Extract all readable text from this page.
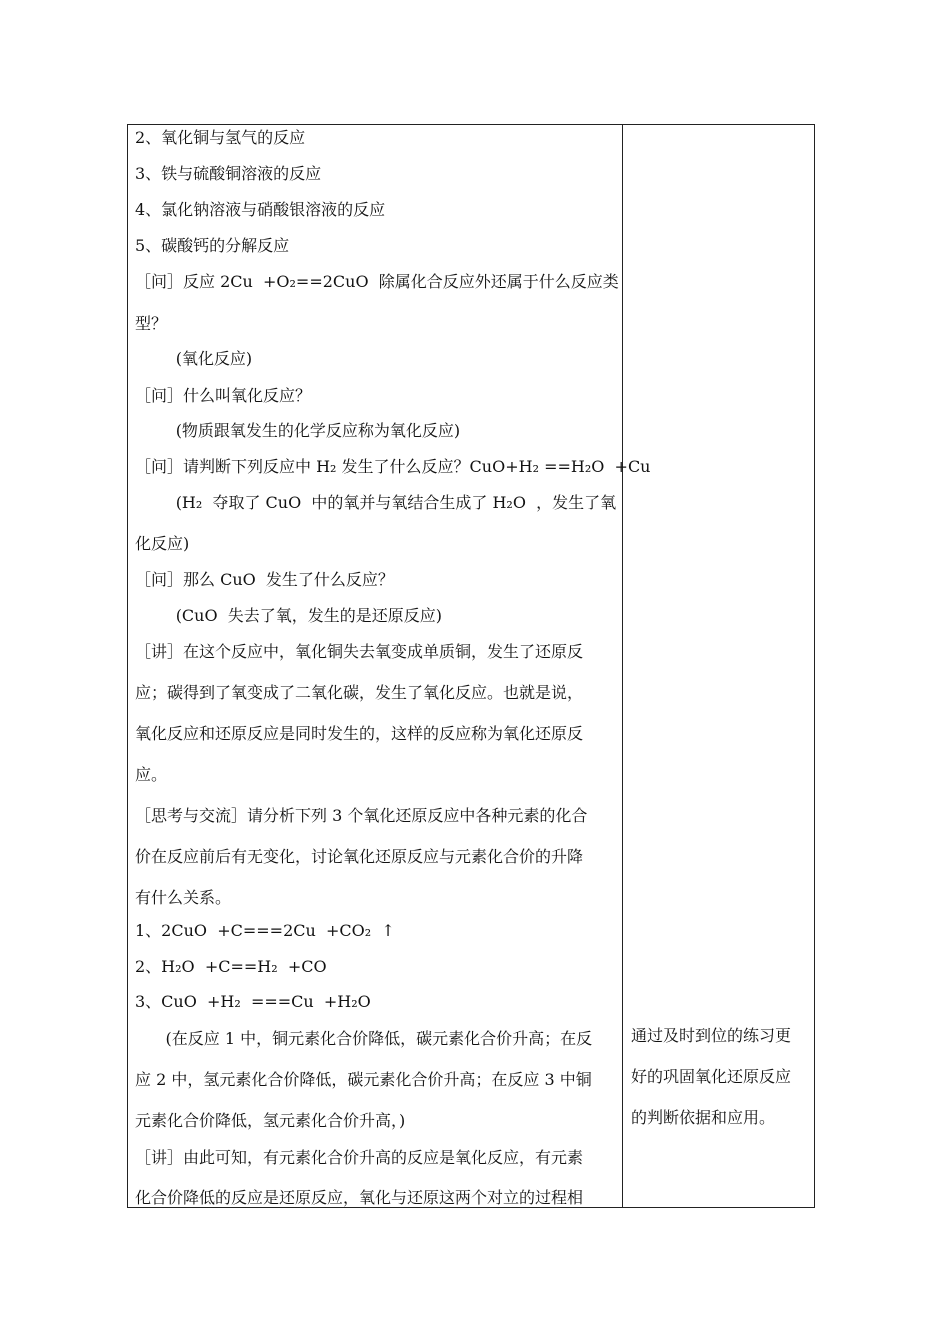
2、氧化铜与氢气的反应
3、铁与硫酸铜溶液的反应
4、氯化钠溶液与硝酸银溶液的反应
5、碳酸钙的分解反应
［问］反应 2Cu  +O₂==2CuO  除属化合反应外还属于什么反应类
型？
(氧化反应)
［问］什么叫氧化反应？
(物质跟氧发生的化学反应称为氧化反应)
［问］请判断下列反应中 H₂ 发生了什么反应？CuO+H₂ ==H₂O  +Cu
(H₂  夺取了 CuO  中的氧并与氧结合生成了 H₂O  ，发生了氧
化反应)
［问］那么 CuO  发生了什么反应？
(CuO  失去了氧，发生的是还原反应)
［讲］在这个反应中，氧化铜失去氧变成单质铜，发生了还原反
应；碳得到了氧变成了二氧化碳，发生了氧化反应。也就是说，
氧化反应和还原反应是同时发生的，这样的反应称为氧化还原反
应。
［思考与交流］请分析下列 3 个氧化还原反应中各种元素的化合
价在反应前后有无变化，讨论氧化还原反应与元素化合价的升降
有什么关系。
1、2CuO  +C===2Cu  +CO₂  ↑
2、H₂O  +C==H₂  +CO
3、CuO  +H₂  ===Cu  +H₂O
(在反应 1 中，铜元素化合价降低，碳元素化合价升高；在反
应 2 中，氢元素化合价降低，碳元素化合价升高；在反应 3 中铜
元素化合价降低，氢元素化合价升高，)
［讲］由此可知，有元素化合价升高的反应是氧化反应，有元素
化合价降低的反应是还原反应，氧化与还原这两个对立的过程相
通过及时到位的练习更
好的巩固氧化还原反应
的判断依据和应用。
